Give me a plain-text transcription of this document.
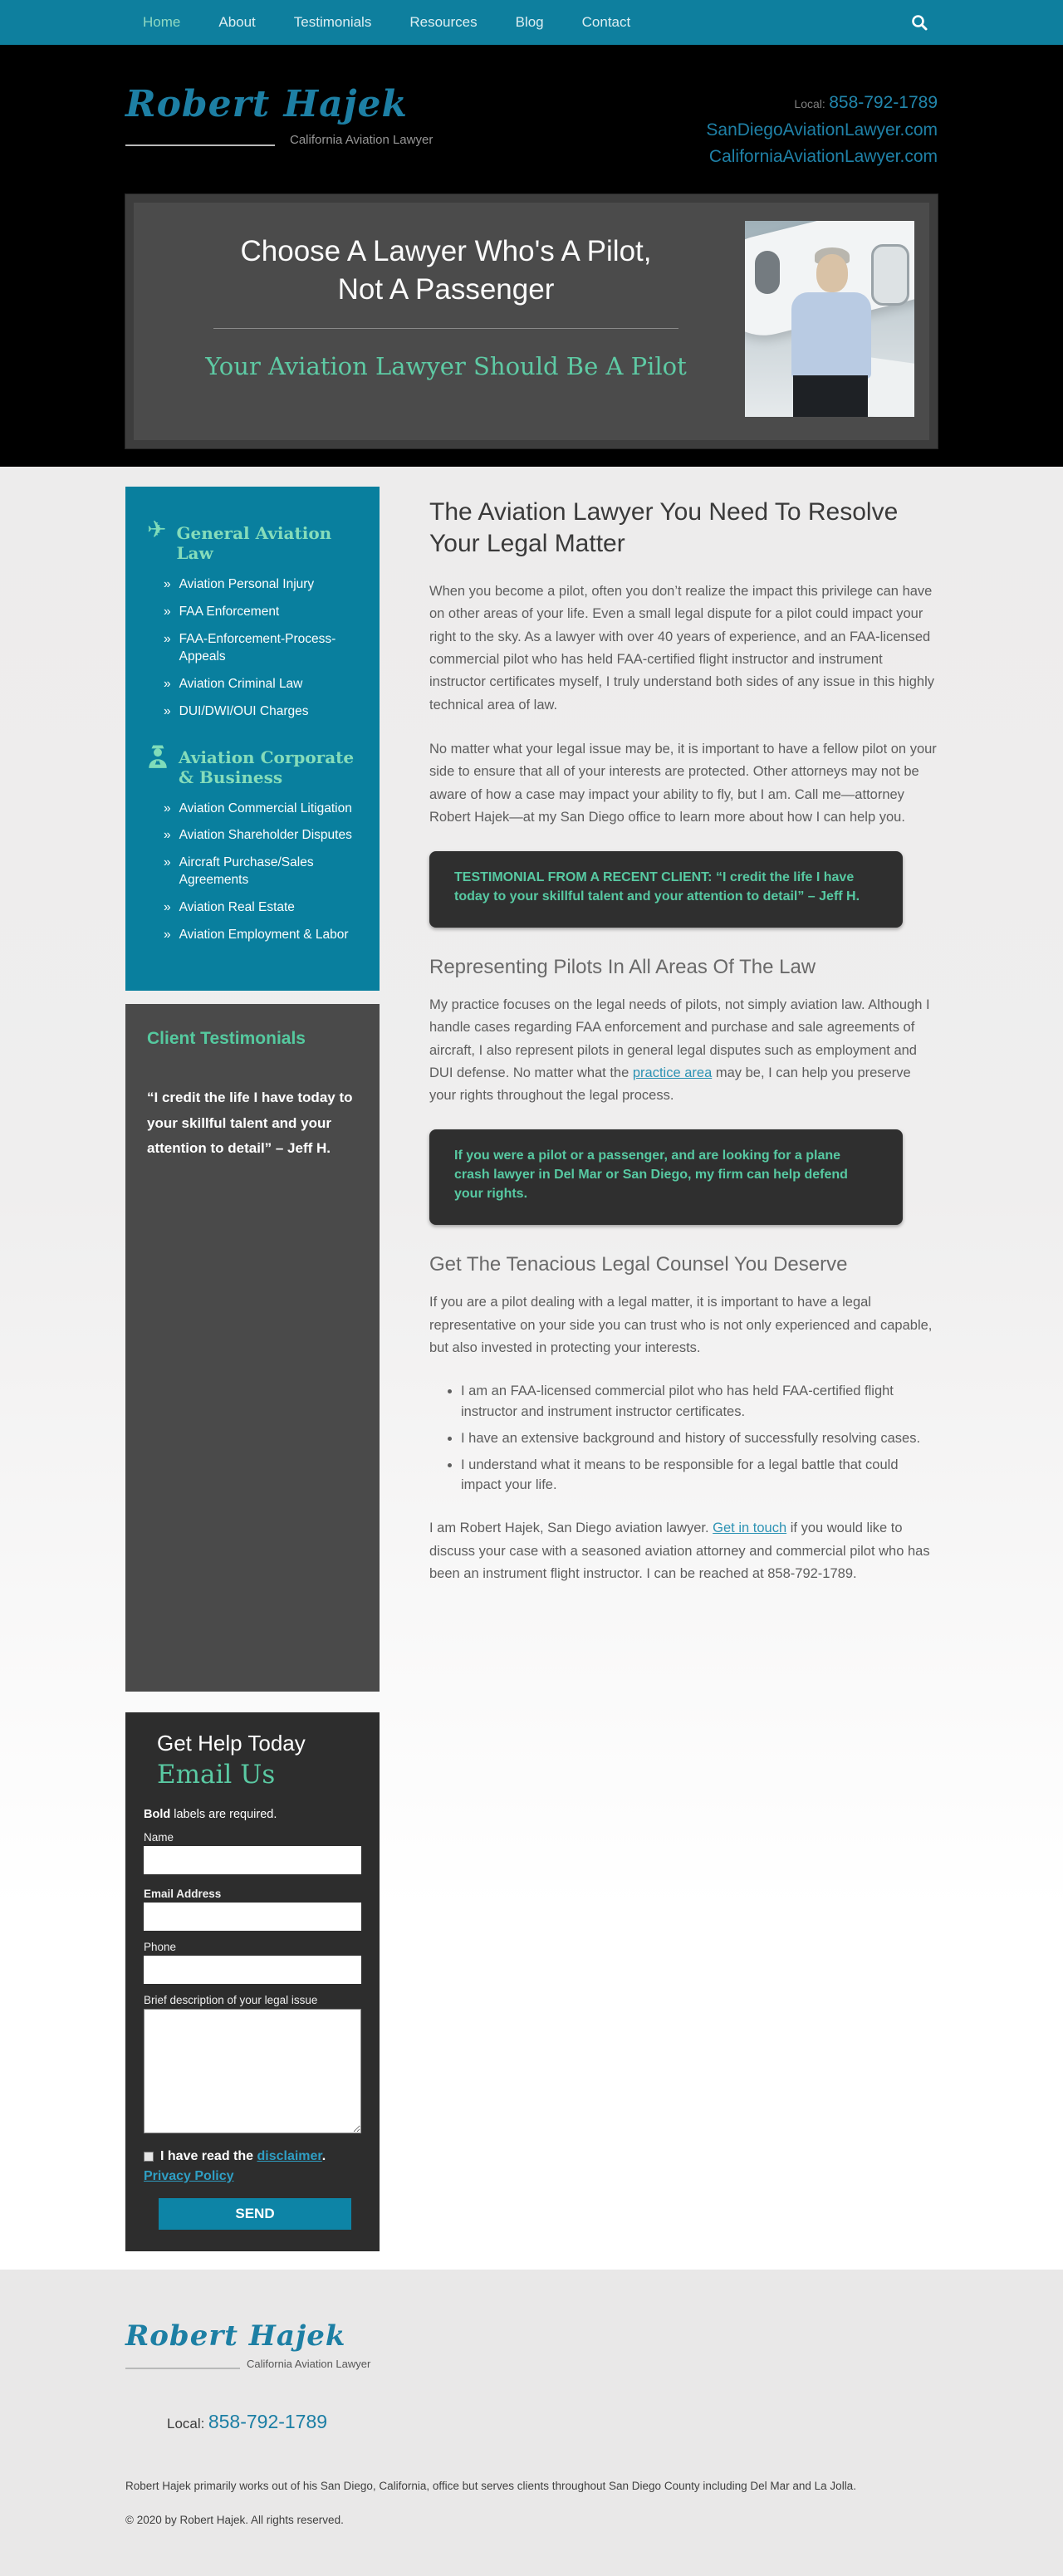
Home	About	Testimonials	Resources	Blog	Contact
Robert Hajek
California Aviation Lawyer
Local: 858-792-1789
SanDiegoAviationLawyer.com
CaliforniaAviationLawyer.com
Choose A Lawyer Who's A Pilot,
Not A Passenger
Your Aviation Lawyer Should Be A Pilot
✈ General Aviation Law
» Aviation Personal Injury
» FAA Enforcement
» FAA-Enforcement-Process-Appeals
» Aviation Criminal Law
» DUI/DWI/OUI Charges
Aviation Corporate & Business
» Aviation Commercial Litigation
» Aviation Shareholder Disputes
» Aircraft Purchase/Sales Agreements
» Aviation Real Estate
» Aviation Employment & Labor
Client Testimonials
“I credit the life I have today to your skillful talent and your attention to detail” – Jeff H.
Get Help Today
Email Us
Bold labels are required.
Name
Email Address
Phone
Brief description of your legal issue
I have read the disclaimer.
Privacy Policy
SEND
The Aviation Lawyer You Need To Resolve Your Legal Matter

When you become a pilot, often you don’t realize the impact this privilege can have on other areas of your life. Even a small legal dispute for a pilot could impact your right to the sky. As a lawyer with over 40 years of experience, and an FAA-licensed commercial pilot who has held FAA-certified flight instructor and instrument instructor certificates myself, I truly understand both sides of any issue in this highly technical area of law.

No matter what your legal issue may be, it is important to have a fellow pilot on your side to ensure that all of your interests are protected. Other attorneys may not be aware of how a case may impact your ability to fly, but I am. Call me—attorney Robert Hajek—at my San Diego office to learn more about how I can help you.

TESTIMONIAL FROM A RECENT CLIENT: “I credit the life I have today to your skillful talent and your attention to detail” – Jeff H.
Representing Pilots In All Areas Of The Law

My practice focuses on the legal needs of pilots, not simply aviation law. Although I handle cases regarding FAA enforcement and purchase and sale agreements of aircraft, I also represent pilots in general legal disputes such as employment and DUI defense. No matter what the practice area may be, I can help you preserve your rights throughout the legal process.

If you were a pilot or a passenger, and are looking for a plane crash lawyer in Del Mar or San Diego, my firm can help defend your rights.
Get The Tenacious Legal Counsel You Deserve

If you are a pilot dealing with a legal matter, it is important to have a legal representative on your side you can trust who is not only experienced and capable, but also invested in protecting your interests.

• I am an FAA-licensed commercial pilot who has held FAA-certified flight instructor and instrument instructor certificates.
• I have an extensive background and history of successfully resolving cases.
• I understand what it means to be responsible for a legal battle that could impact your life.

I am Robert Hajek, San Diego aviation lawyer. Get in touch if you would like to discuss your case with a seasoned aviation attorney and commercial pilot who has been an instrument flight instructor. I can be reached at 858-792-1789.

Robert Hajek
California Aviation Lawyer
Local: 858-792-1789

Robert Hajek primarily works out of his San Diego, California, office but serves clients throughout San Diego County including Del Mar and La Jolla.

© 2020 by Robert Hajek. All rights reserved.
